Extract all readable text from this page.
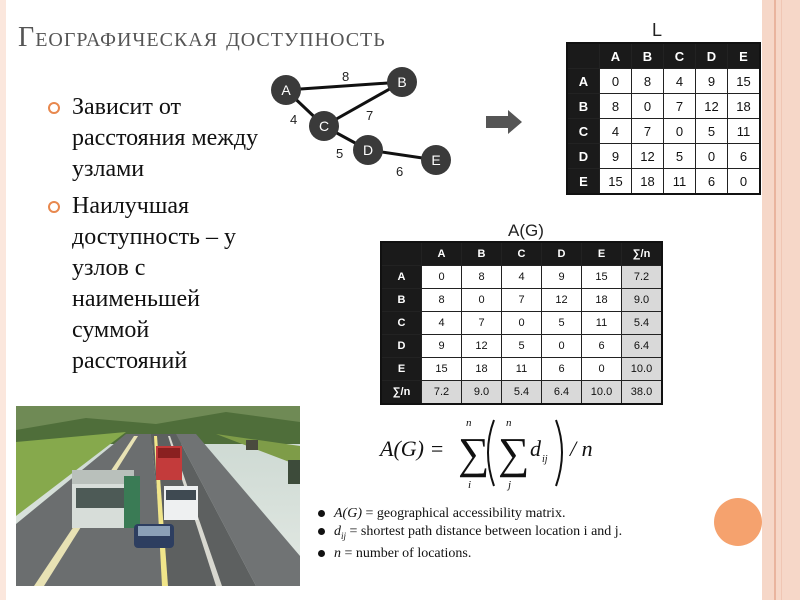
Географическая доступность
Зависит от расстояния между узлами
Наилучшая доступность – у узлов с наименьшей суммой расстояний
8
4	7
5
6
A	B
C
D
E
L
	A	B	C	D	E
A	0	8	4	9	15
B	8	0	7	12	18
C	4	7	0	5	11
D	9	12	5	0	6
E	15	18	11	6	0
A(G)
	A	B	C	D	E	∑/n
A	0	8	4	9	15	7.2
B	8	0	7	12	18	9.0
C	4	7	0	5	11	5.4
D	9	12	5	0	6	6.4
E	15	18	11	6	0	10.0
∑/n	7.2	9.0	5.4	6.4	10.0	38.0
A(G) = ∑
n
i
∑
n
j
d ij / n
A(G) = geographical accessibility matrix.
$d_{ij}$ = shortest path distance between location i and j.
n = number of locations.
